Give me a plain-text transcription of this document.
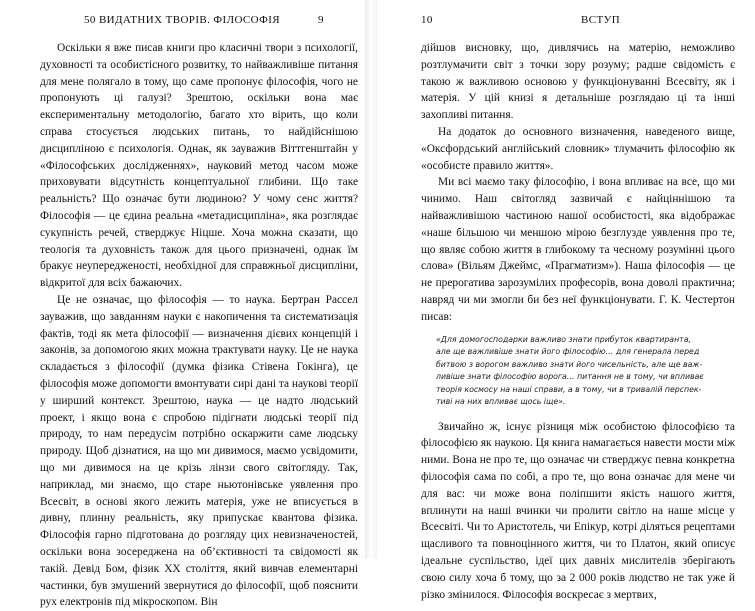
50 ВИДАТНИХ ТВОРІВ. ФІЛОСОФІЯ	9

Оскільки я вже писав книги про класичні твори з психології, духовності та особистісного розвитку, то найважливіше питання для мене полягало в тому, що саме пропонує філософія, чого не пропонують ці галузі? Зрештою, оскільки вона має експериментальну методологію, багато хто вірить, що коли справа стосується людських питань, то найдійснішою дисципліною є психологія. Однак, як зауважив Віттгенштайн у «Філософських дослідженнях», науковий метод часом може приховувати відсутність концептуальної глибини. Що таке реальність? Що означає бути людиною? У чому сенс життя? Філософія — це єдина реальна «метадисципліна», яка розглядає сукупність речей, стверджує Ніцше. Хоча можна сказати, що теологія та духовність також для цього призначені, однак їм бракує неупередженості, необхідної для справжньої дисципліни, відкритої для всіх бажаючих.

Це не означає, що філософія — то наука. Бертран Рассел зауважив, що завданням науки є накопичення та систематизація фактів, тоді як мета філософії — визначення дієвих концепцій і законів, за допомогою яких можна трактувати науку. Це не наука складається з філософії (думка фізика Стівена Гокінга), це філософія може допомогти вмонтувати сирі дані та наукові теорії у ширший контекст. Зрештою, наука — це надто людський проект, і якщо вона є спробою підігнати людські теорії під природу, то нам передусім потрібно оскаржити саме людську природу. Щоб дізнатися, на що ми дивимося, маємо усвідомити, що ми дивимося на це крізь лінзи свого світогляду. Так, наприклад, ми знаємо, що старе ньютонівське уявлення про Всесвіт, в основі якого лежить матерія, уже не вписується в дивну, плинну реальність, яку припускає квантова фізика. Філософія гарно підготована до розгляду цих невизначеностей, оскільки вона зосереджена на об’єктивності та свідомості як такій. Девід Бом, фізик XX століття, який вивчав елементарні частинки, був змушений звернутися до філософії, щоб пояснити рух електронів під мікроскопом. Він

10	ВСТУП

дійшов висновку, що, дивлячись на матерію, неможливо розтлумачити світ з точки зору розуму; радше свідомість є такою ж важливою основою у функціонуванні Всесвіту, як і матерія. У цій книзі я детальніше розглядаю ці та інші захопливі питання.

На додаток до основного визначення, наведеного вище, «Оксфордський англійський словник» тлумачить філософію як «особисте правило життя».

Ми всі маємо таку філософію, і вона впливає на все, що ми чинимо. Наш світогляд зазвичай є найціннішою та найважливішою частиною нашої особистості, яка відображає «наше більшою чи меншою мірою безглузде уявлення про те, що являє собою життя в глибокому та чесному розумінні цього слова» (Вільям Джеймс, «Прагматизм»). Наша філософія — це не прерогатива зарозумілих професорів, вона доволі практична; навряд чи ми змогли би без неї функціонувати. Г. К. Честертон писав:

«Для домогосподарки важливо знати прибуток квартиранта,
але ще важливіше знати його філософію… для генерала перед
битвою з ворогом важливо знати його чисельність, але ще важ-
ливіше знати філософію ворога… питання не в тому, чи впливає
теорія космосу на наші справи, а в тому, чи в тривалій перспек-
тиві на них впливає щось іще».

Звичайно ж, існує різниця між особистою філософією та філософією як наукою. Ця книга намагається навести мости між ними. Вона не про те, що означає чи стверджує певна конкретна філософія сама по собі, а про те, що вона означає для мене чи для вас: чи може вона поліпшити якість нашого життя, вплинути на наші вчинки чи пролити світло на наше місце у Всесвіті. Чи то Аристотель, чи Епікур, котрі діляться рецептами щасливого та повноцінного життя, чи то Платон, який описує ідеальне суспільство, ідеї цих давніх мислителів зберігають свою силу хоча б тому, що за 2 000 років людство не так уже й різко змінилося. Філософія воскресає з мертвих,
